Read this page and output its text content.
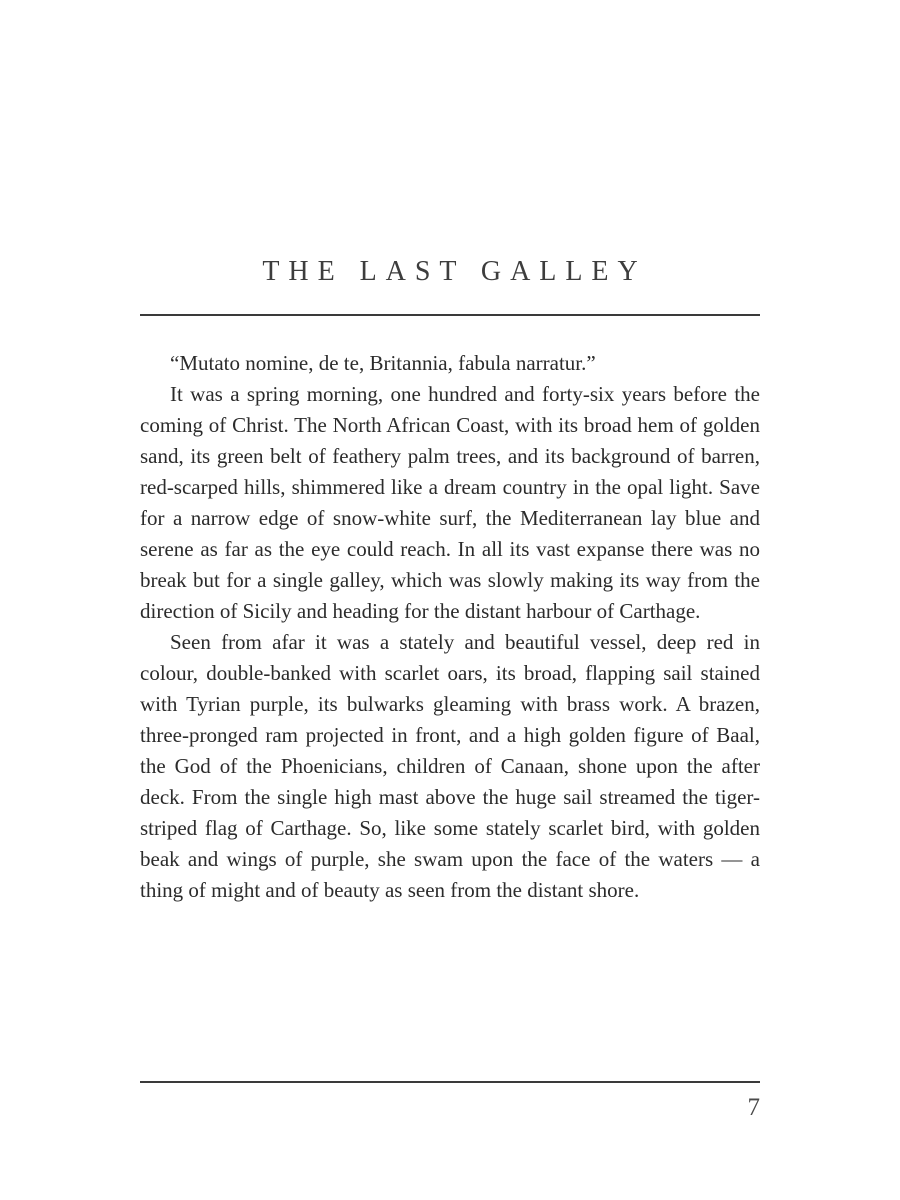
THE LAST GALLEY

“Mutato nomine, de te, Britannia, fabula narratur.”

It was a spring morning, one hundred and forty-six years before the coming of Christ. The North African Coast, with its broad hem of golden sand, its green belt of feathery palm trees, and its background of barren, red-scarped hills, shimmered like a dream country in the opal light. Save for a narrow edge of snow-white surf, the Mediterranean lay blue and serene as far as the eye could reach. In all its vast expanse there was no break but for a single galley, which was slowly making its way from the direction of Sicily and heading for the distant harbour of Carthage.

Seen from afar it was a stately and beautiful vessel, deep red in colour, double-banked with scarlet oars, its broad, flapping sail stained with Tyrian purple, its bulwarks gleaming with brass work. A brazen, three-pronged ram projected in front, and a high golden figure of Baal, the God of the Phoenicians, children of Canaan, shone upon the after deck. From the single high mast above the huge sail streamed the tiger-striped flag of Carthage. So, like some stately scarlet bird, with golden beak and wings of purple, she swam upon the face of the waters — a thing of might and of beauty as seen from the distant shore.

7
